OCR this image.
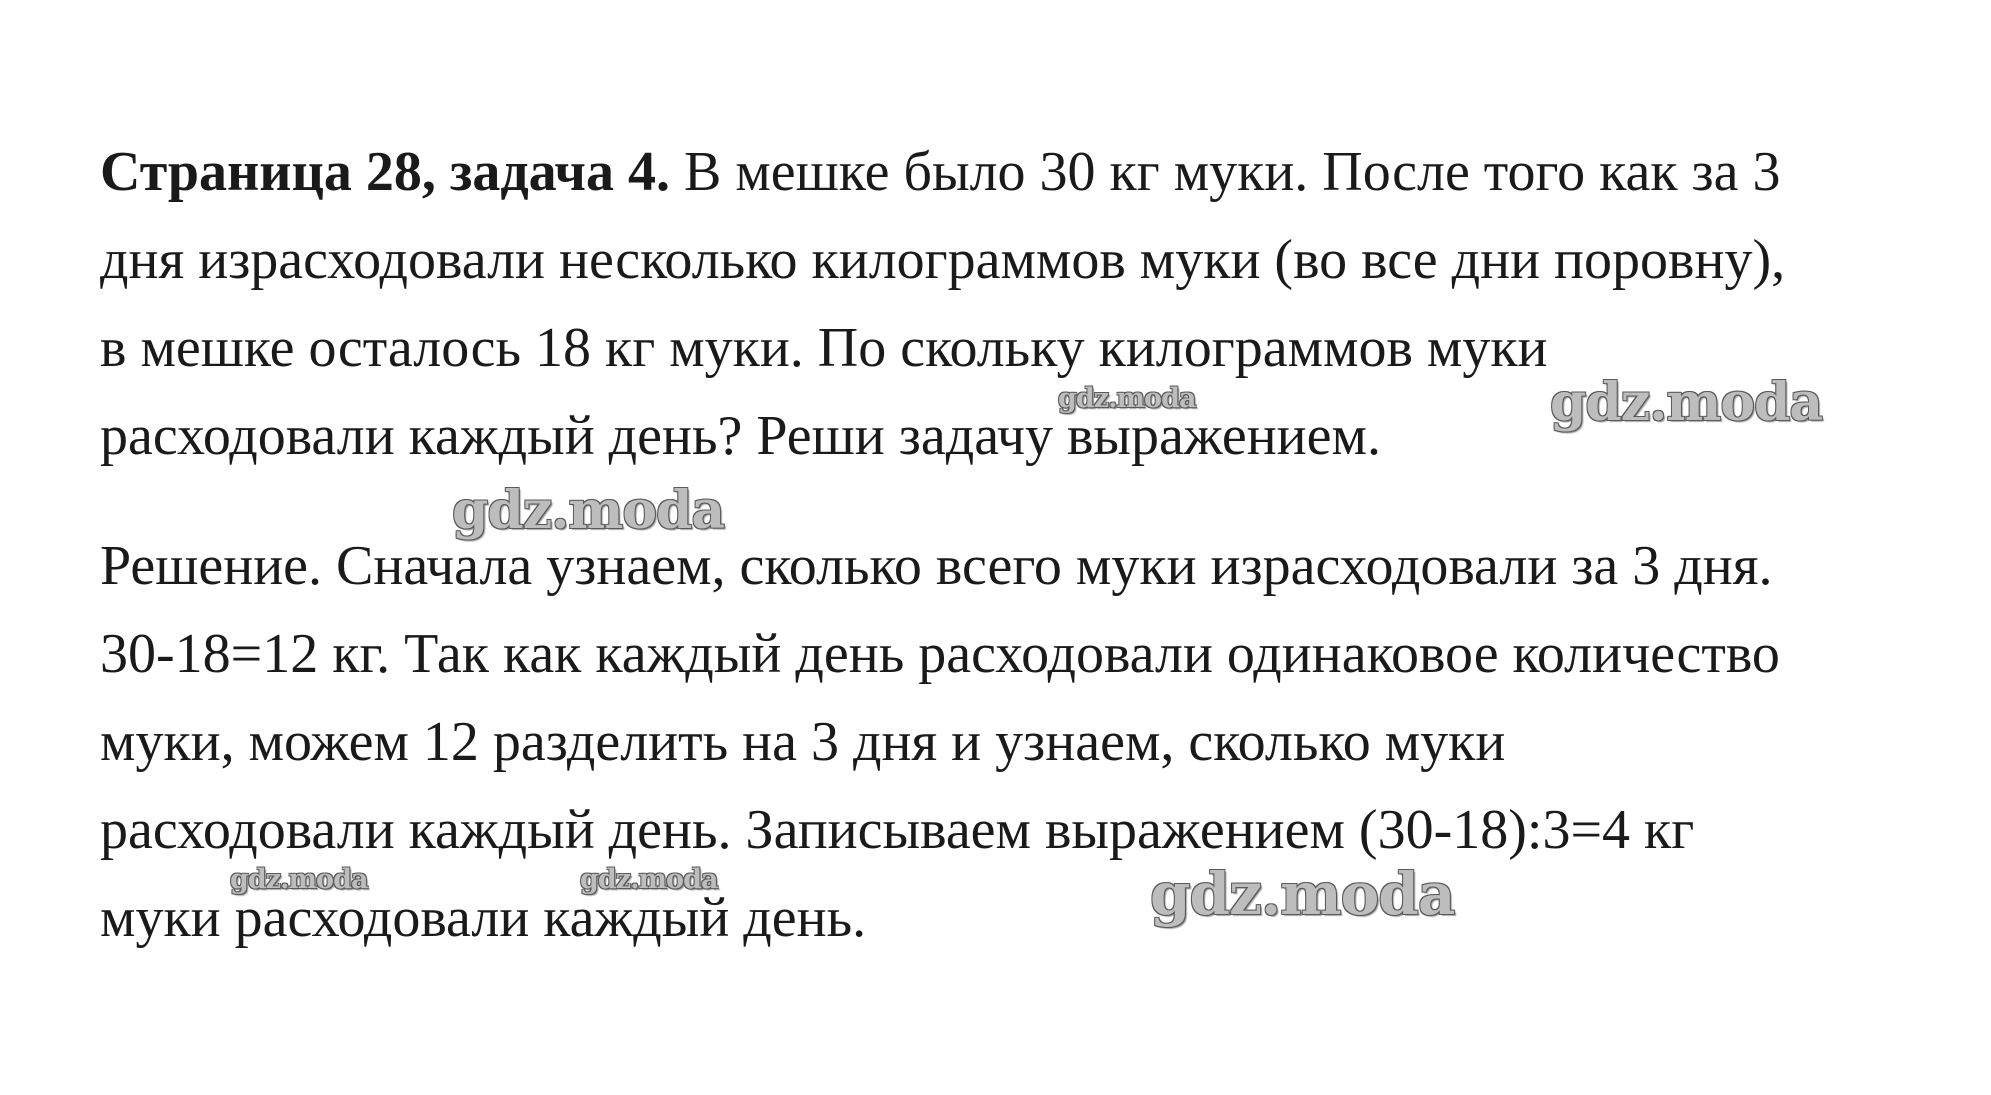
Страница 28, задача 4. В мешке было 30 кг муки. После того как за 3
дня израсходовали несколько килограммов муки (во все дни поровну),
в мешке осталось 18 кг муки. По скольку килограммов муки
расходовали каждый день? Реши задачу выражением.
Решение. Сначала узнаем, сколько всего муки израсходовали за 3 дня.
30-18=12 кг. Так как каждый день расходовали одинаковое количество
муки, можем 12 разделить на 3 дня и узнаем, сколько муки
расходовали каждый день. Записываем выражением (30-18):3=4 кг
муки расходовали каждый день.
gdz.moda	gdz.moda
gdz.moda
gdz.moda	gdz.moda	gdz.moda
